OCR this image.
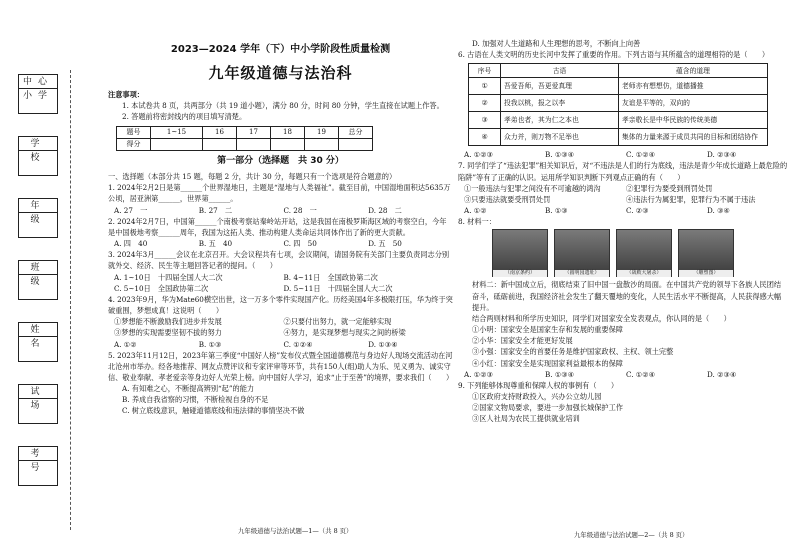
中心小学
学 校
年 级
班 级
姓 名
试 场
考 号
2023—2024 学年（下）中小学阶段性质量检测
九年级道德与法治科
注意事项：
1. 本试卷共 8 页，共两部分（共 19 道小题），满分 80 分，时间 80 分钟，学生直接在试题上作答。
2. 答题前将密封线内的项目填写清楚。
题号	1~15	16	17	18	19	总分
得分						
第一部分（选择题　共 30 分）
一、选择题（本部分共 15 题，每题 2 分，共计 30 分，每题只有一个选项是符合题意的）
1. 2024年2月2日是第______个世界湿地日，主题是“湿地与人类福祉”。截至目前，中国湿地面积达5635万公顷，居亚洲第______，世界第______。
A. 27　一	B. 27　二	C. 28　一	D. 28　二
2. 2024年2月7日，中国第______个南极考察站秦岭站开站，这是我国在南极罗斯海区域的考察空白，今年是中国极地考察______周年，我国为这拓人类、推动构建人类命运共同体作出了新的更大贡献。
A. 四　40	B. 五　40	C. 四　50	D. 五　50
3. 2024年3月______会议在北京召开。大会议程共有七项，会议期间，请国务院有关部门主要负责同志分别就外交、经济、民生等主题回答记者的提问。（　　）
A. 1~10日　十四届全国人大二次	B. 4~11日　全国政协第二次
C. 5~10日　全国政协第二次	D. 5~11日　十四届全国人大二次
4. 2023年9月，华为Mate60横空出世，这一万多个零件实现国产化。历经美国4年多极限打压，华为终于突破重围，梦想成真！这说明（　　）
①梦想能不断激励我们进步并发展	②只要付出努力，就一定能够实现
③梦想的实现需要坚韧不拔的努力	④努力，是实现梦想与现实之间的桥梁
A. ①②	B. ①③	C. ①②④	D. ①③④
5. 2023年11月12日，2023年第三季度“中国好人榜”发布仪式暨全国道德模范与身边好人现场交流活动在河北沧州市举办。经各地推荐、网友点赞评议和专家评审等环节，共有150人(组)助人为乐、见义勇为、诚实守信、敬业奉献、孝老爱亲等身边好人光荣上榜。向中国好人学习，追求“止于至善”的境界，要求我们（　　）
A. 有知难之心，不断提高辨别“起”的能力
B. 养成自我省察的习惯，不断检视自身的不足
C. 树立底线意识，触碰道德底线和违法律的事情坚决不做
D. 加强对人生道路和人生理想的思考，不断向上向善
6. 古语在人类文明的历史长河中发挥了重要的作用。下列古语与其所蕴含的道理相符的是（　　）
序号	古语	蕴含的道理
①	吾爱吾师，吾更爱真理	老师亦有想想仿，道德播推
②	投我以桃，报之以李	友谊是平等的，双向的
③	孝弟也者，其为仁之本也	孝亲敬长是中华民族的传统美德
④	众力并，则万物不足举也	集体的力量来源于成员共同的目标和团结协作
A. ①②③	B. ①③④	C. ①②④	D. ②③④
7. 同学们学了“违法犯罪”相关知识后，对“不违法是人们的行为底线，违法是青少年成长道路上最危险的陷阱”等有了正确的认识。运用所学知识判断下列观点正确的有（　　）
①一般违法与犯罪之间没有不可逾越的鸿沟	②犯罪行为要受到刑罚处罚
③只要违法就要受刑罚处罚	④违法行为属犯罪，犯罪行为不属于违法
A. ①②	B. ①③	C. ②③	D. ③④
8. 材料一：
（南京条约）	（圆明园遗址）	（战败大屠杀）	（雕塑图）
材料二：新中国成立后，彻底结束了旧中国一盘散沙的局面。在中国共产党的领导下各族人民团结奋斗，砥砺前进，我国经济社会发生了翻天覆地的变化，人民生活水平不断提高，人民获得感大幅提升。
结合两则材料和所学历史知识，同学们对国家安全发表观点，你认同的是（　　）
①小明：国家安全是国家生存和发展的重要保障
②小华：国家安全才能更好发展
③小强：国家安全的首要任务是维护国家政权、主权、领土完整
④小红：国家安全是实现国家利益最根本的保障
A. ①②③	B. ①③④	C. ①②④	D. ②③④
9. 下列能够体现尊重和保障人权的事例有（　　）
①区政府支持财政投入，兴办公立幼儿园
②国家文物局要求，要进一步加强长城保护工作
③区人社局为农民工提供就业培训
九年级道德与法治试题—1—（共 8 页）	九年级道德与法治试题—2—（共 8 页）
